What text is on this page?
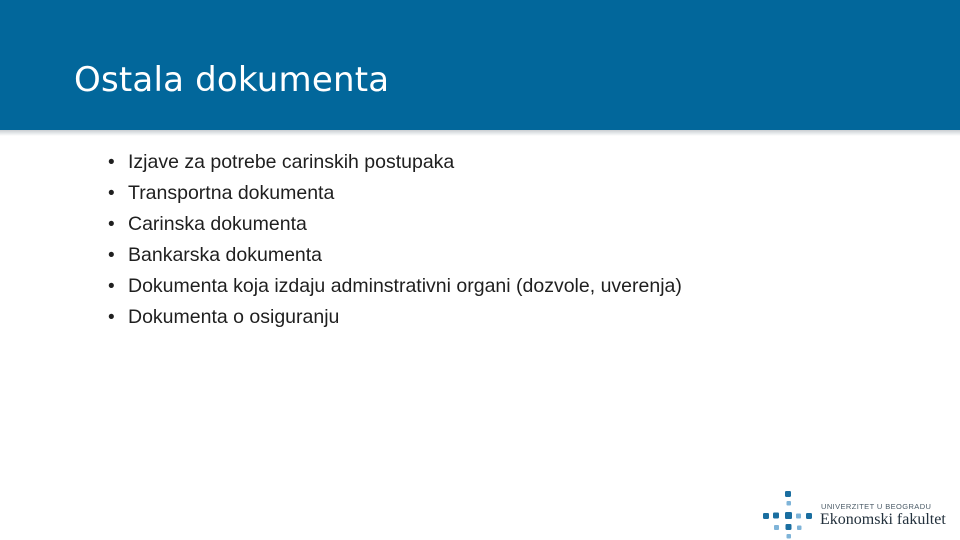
Ostala dokumenta
• Izjave za potrebe carinskih postupaka
• Transportna dokumenta
• Carinska dokumenta
• Bankarska dokumenta
• Dokumenta koja izdaju adminstrativni organi (dozvole, uverenja)
• Dokumenta o osiguranju
UNIVERZITET U BEOGRADU
Ekonomski fakultet
